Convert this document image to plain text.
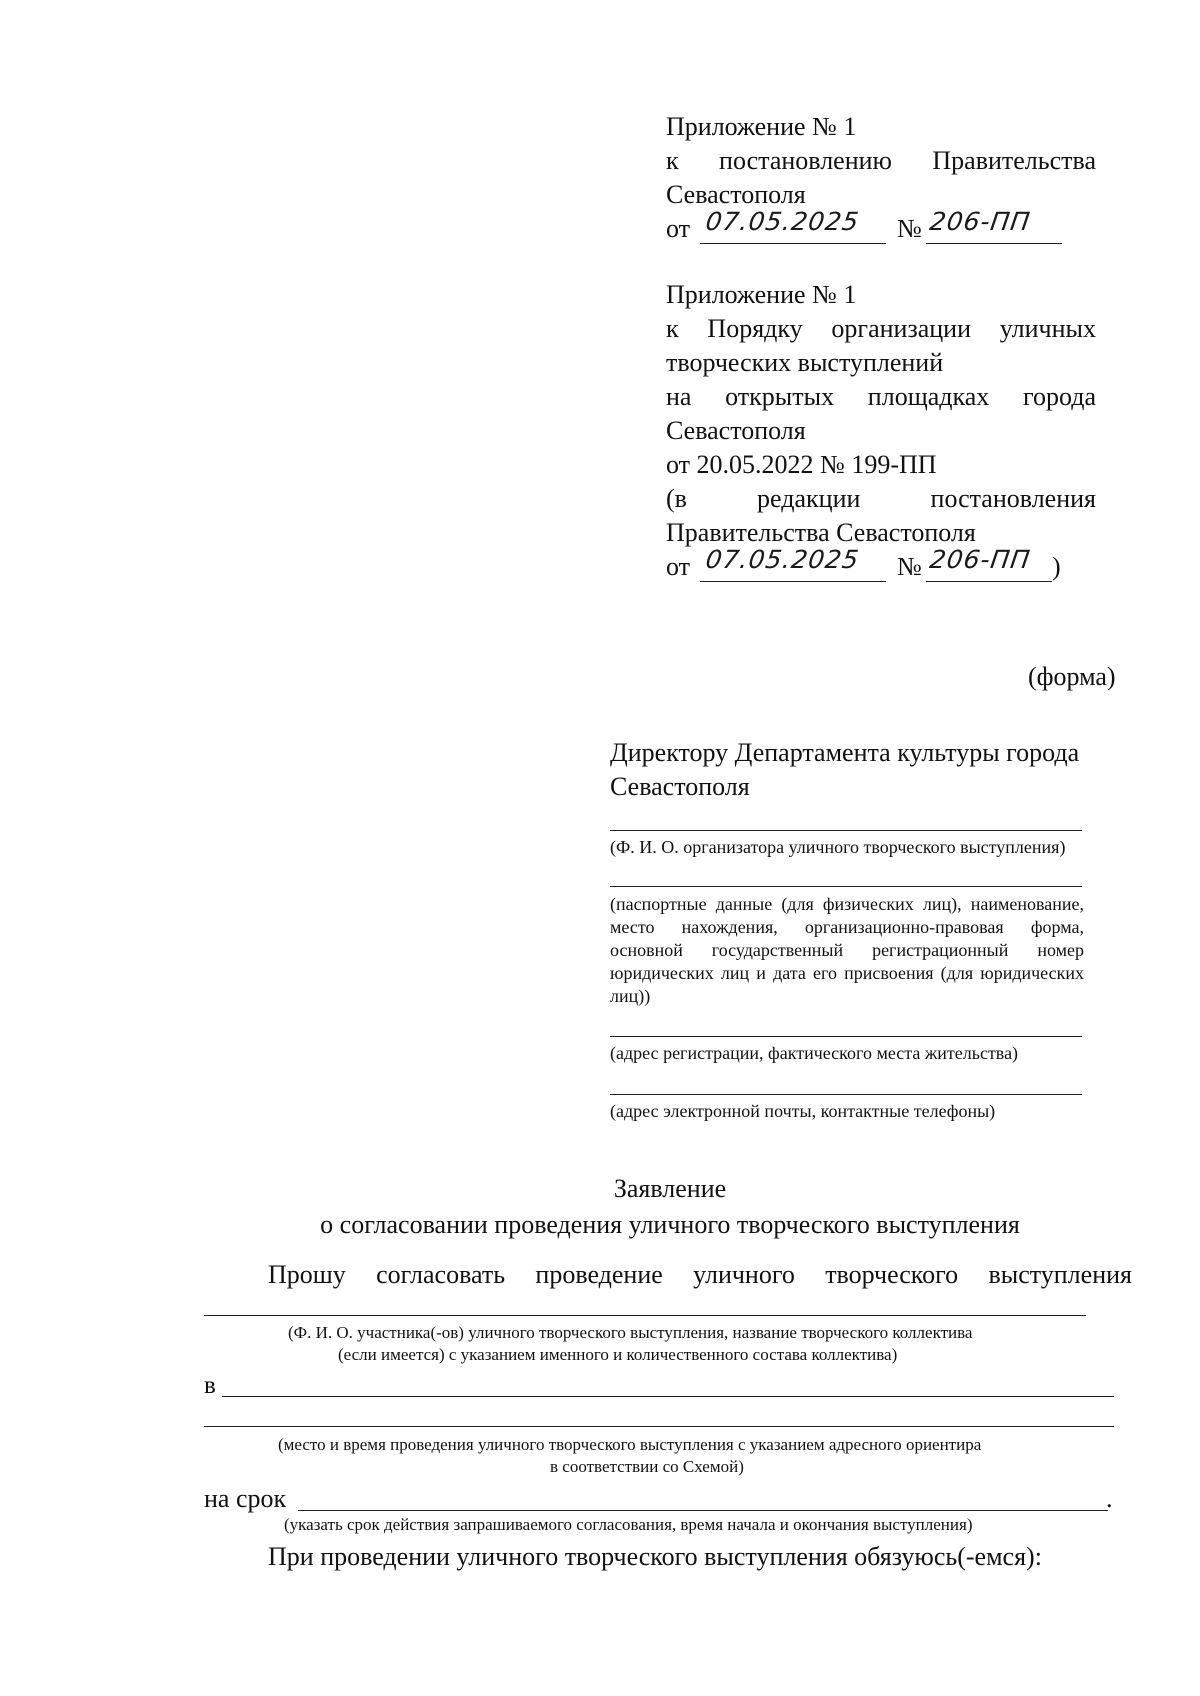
Приложение № 1
к постановлению Правительства
Севастополя
от 07.05.2025 № 206-ПП
Приложение № 1
к Порядку организации уличных
творческих выступлений
на открытых площадках города
Севастополя
от 20.05.2022 № 199-ПП
(в редакции постановления
Правительства Севастополя
от 07.05.2025 № 206-ПП )
(форма)
Директору Департамента культуры города
Севастополя
(Ф. И. О. организатора уличного творческого выступления)
(паспортные данные (для физических лиц), наименование, место нахождения, организационно-правовая форма, основной государственный регистрационный номер юридических лиц и дата его присвоения (для юридических лиц))
(адрес регистрации, фактического места жительства)
(адрес электронной почты, контактные телефоны)
Заявление
о согласовании проведения уличного творческого выступления
Прошу согласовать проведение уличного творческого выступления
(Ф. И. О. участника(-ов) уличного творческого выступления, название творческого коллектива
(если имеется) с указанием именного и количественного состава коллектива)
в
(место и время проведения уличного творческого выступления с указанием адресного ориентира
в соответствии со Схемой)
на срок	.
(указать срок действия запрашиваемого согласования, время начала и окончания выступления)
При проведении уличного творческого выступления обязуюсь(-емся):
